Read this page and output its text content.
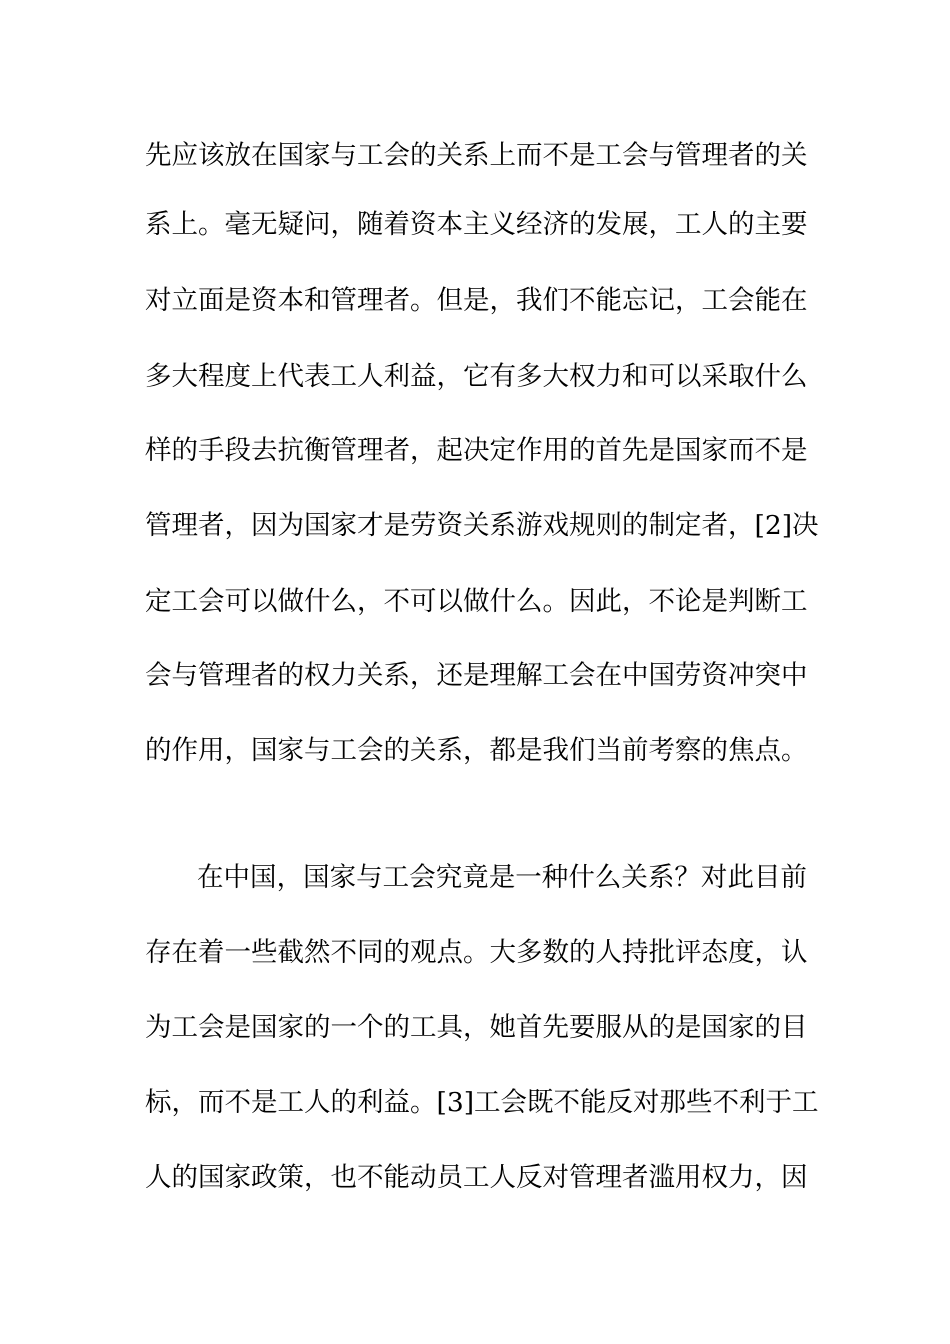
先应该放在国家与工会的关系上而不是工会与管理者的关
系上。毫无疑问，随着资本主义经济的发展，工人的主要
对立面是资本和管理者。但是，我们不能忘记，工会能在
多大程度上代表工人利益，它有多大权力和可以采取什么
样的手段去抗衡管理者，起决定作用的首先是国家而不是
管理者，因为国家才是劳资关系游戏规则的制定者，[2]决
定工会可以做什么，不可以做什么。因此，不论是判断工
会与管理者的权力关系，还是理解工会在中国劳资冲突中
的作用，国家与工会的关系，都是我们当前考察的焦点。
在中国，国家与工会究竟是一种什么关系？对此目前
存在着一些截然不同的观点。大多数的人持批评态度，认
为工会是国家的一个的工具，她首先要服从的是国家的目
标，而不是工人的利益。[3]工会既不能反对那些不利于工
人的国家政策，也不能动员工人反对管理者滥用权力，因
